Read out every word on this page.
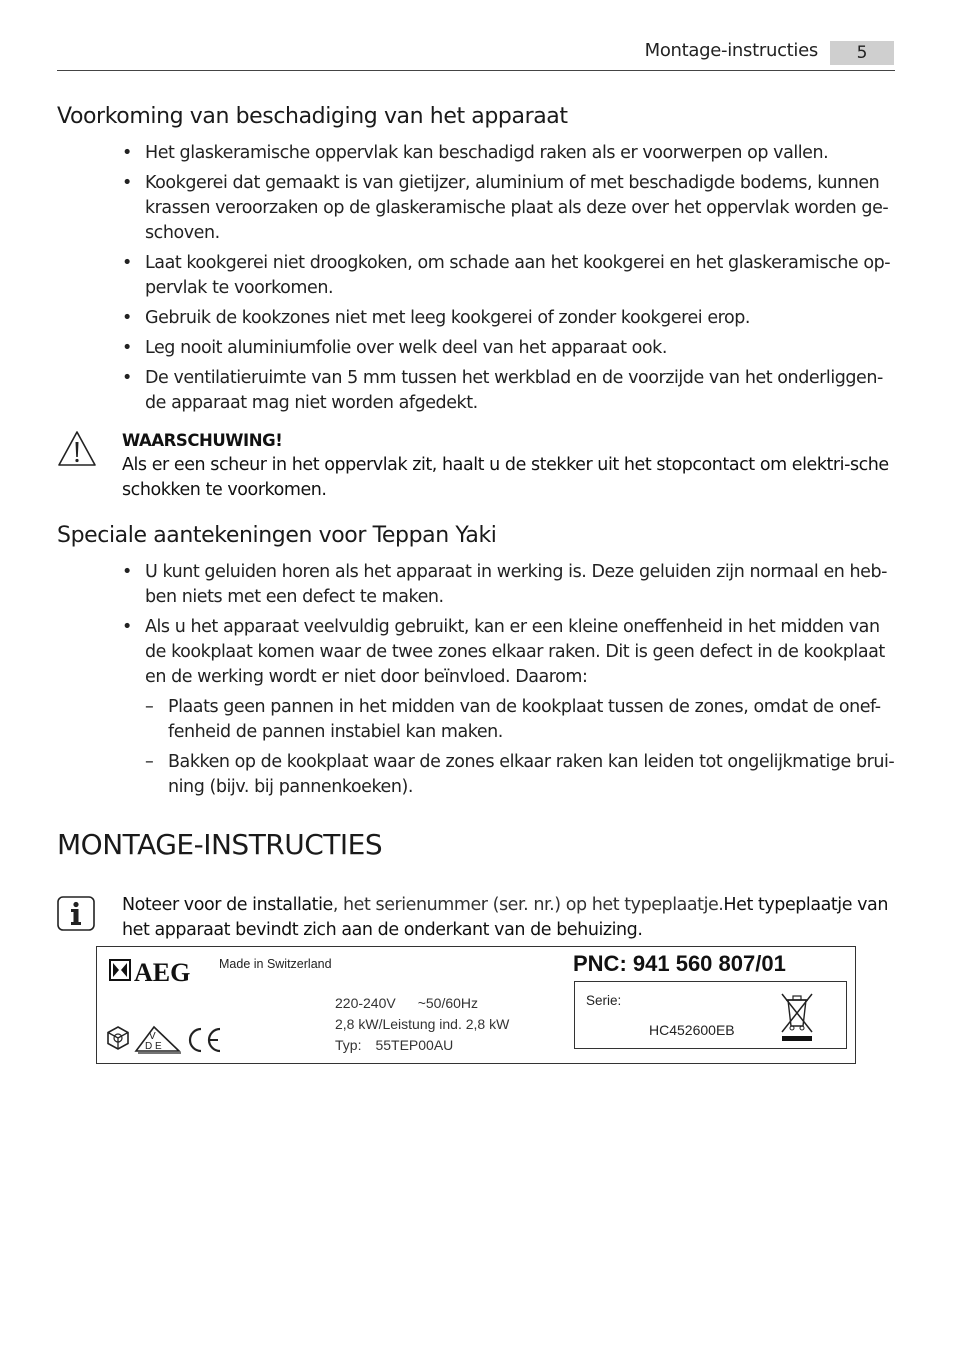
Montage-instructies	5
Voorkoming van beschadiging van het apparaat
• Het glaskeramische oppervlak kan beschadigd raken als er voorwerpen op vallen.
• Kookgerei dat gemaakt is van gietijzer, aluminium of met beschadigde bodems, kunnen krassen veroorzaken op de glaskeramische plaat als deze over het oppervlak worden ge-schoven.
• Laat kookgerei niet droogkoken, om schade aan het kookgerei en het glaskeramische op-pervlak te voorkomen.
• Gebruik de kookzones niet met leeg kookgerei of zonder kookgerei erop.
• Leg nooit aluminiumfolie over welk deel van het apparaat ook.
• De ventilatieruimte van 5 mm tussen het werkblad en de voorzijde van het onderliggen-de apparaat mag niet worden afgedekt.
WAARSCHUWING!
Als er een scheur in het oppervlak zit, haalt u de stekker uit het stopcontact om elektri-sche schokken te voorkomen.
Speciale aantekeningen voor Teppan Yaki
• U kunt geluiden horen als het apparaat in werking is. Deze geluiden zijn normaal en heb-ben niets met een defect te maken.
• Als u het apparaat veelvuldig gebruikt, kan er een kleine oneffenheid in het midden van de kookplaat komen waar de twee zones elkaar raken. Dit is geen defect in de kookplaat en de werking wordt er niet door beïnvloed. Daarom:
– Plaats geen pannen in het midden van de kookplaat tussen de zones, omdat de onef-fenheid de pannen instabiel kan maken.
– Bakken op de kookplaat waar de zones elkaar raken kan leiden tot ongelijkmatige brui-ning (bijv. bij pannenkoeken).
MONTAGE-INSTRUCTIES
Noteer voor de installatie, het serienummer (ser. nr.) op het typeplaatje.Het typeplaatje van het apparaat bevindt zich aan de onderkant van de behuizing.
AEG Made in Switzerland	PNC: 941 560 807/01
220-240V ~50/60Hz
2,8 kW/Leistung ind. 2,8 kW
Typ: 55TEP00AU
Serie:
HC452600EB
V
D E
